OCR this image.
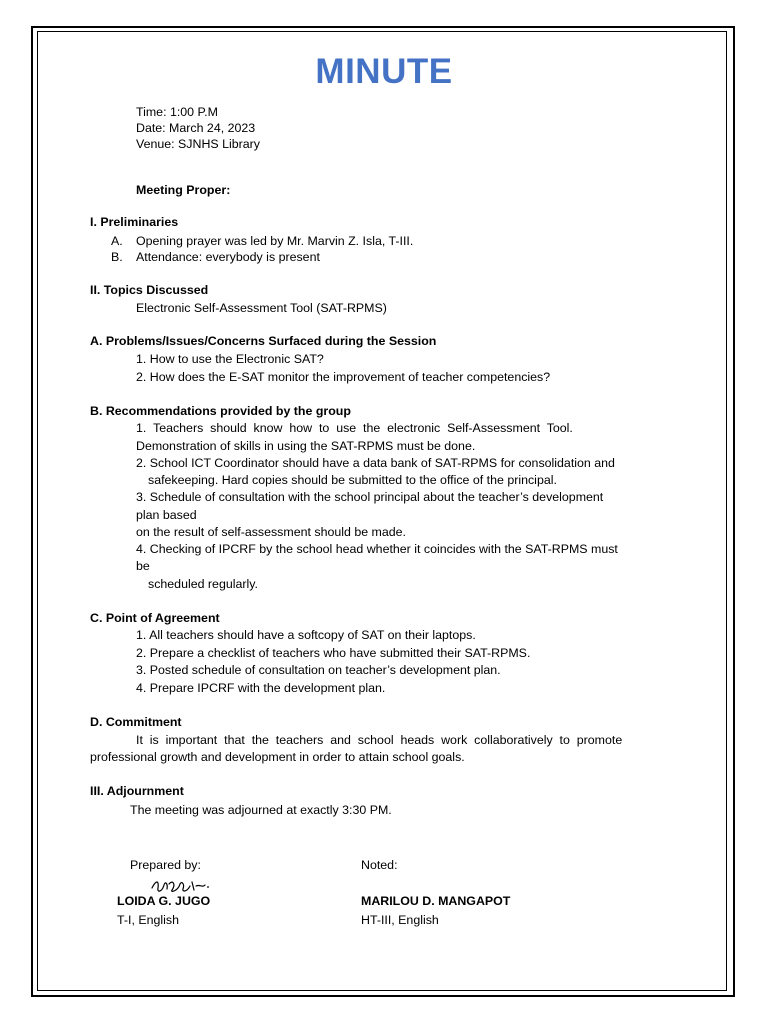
MINUTE
Time: 1:00 P.M
Date: March 24, 2023
Venue: SJNHS Library
Meeting Proper:
I. Preliminaries
A. Opening prayer was led by Mr. Marvin Z. Isla, T-III.
B. Attendance: everybody is present
II. Topics Discussed
Electronic Self-Assessment Tool (SAT-RPMS)
A. Problems/Issues/Concerns Surfaced during the Session
1. How to use the Electronic SAT?
2. How does the E-SAT monitor the improvement of teacher competencies?
B. Recommendations provided by the group
1.  Teachers  should  know  how  to  use  the  electronic  Self-Assessment  Tool.
Demonstration of skills in using the SAT-RPMS must be done.
2. School ICT Coordinator should have a data bank of SAT-RPMS for consolidation and
safekeeping. Hard copies should be submitted to the office of the principal.
3. Schedule of consultation with the school principal about the teacher’s development
plan based
on the result of self-assessment should be made.
4. Checking of IPCRF by the school head whether it coincides with the SAT-RPMS must
be
scheduled regularly.
C. Point of Agreement
1. All teachers should have a softcopy of SAT on their laptops.
2. Prepare a checklist of teachers who have submitted their SAT-RPMS.
3. Posted schedule of consultation on teacher’s development plan.
4. Prepare IPCRF with the development plan.
D. Commitment
It  is  important  that  the  teachers  and  school  heads  work  collaboratively  to  promote
professional growth and development in order to attain school goals.
III. Adjournment
The meeting was adjourned at exactly 3:30 PM.
Prepared by:	Noted:
LOIDA G. JUGO
T-I, English
MARILOU D. MANGAPOT
HT-III, English
